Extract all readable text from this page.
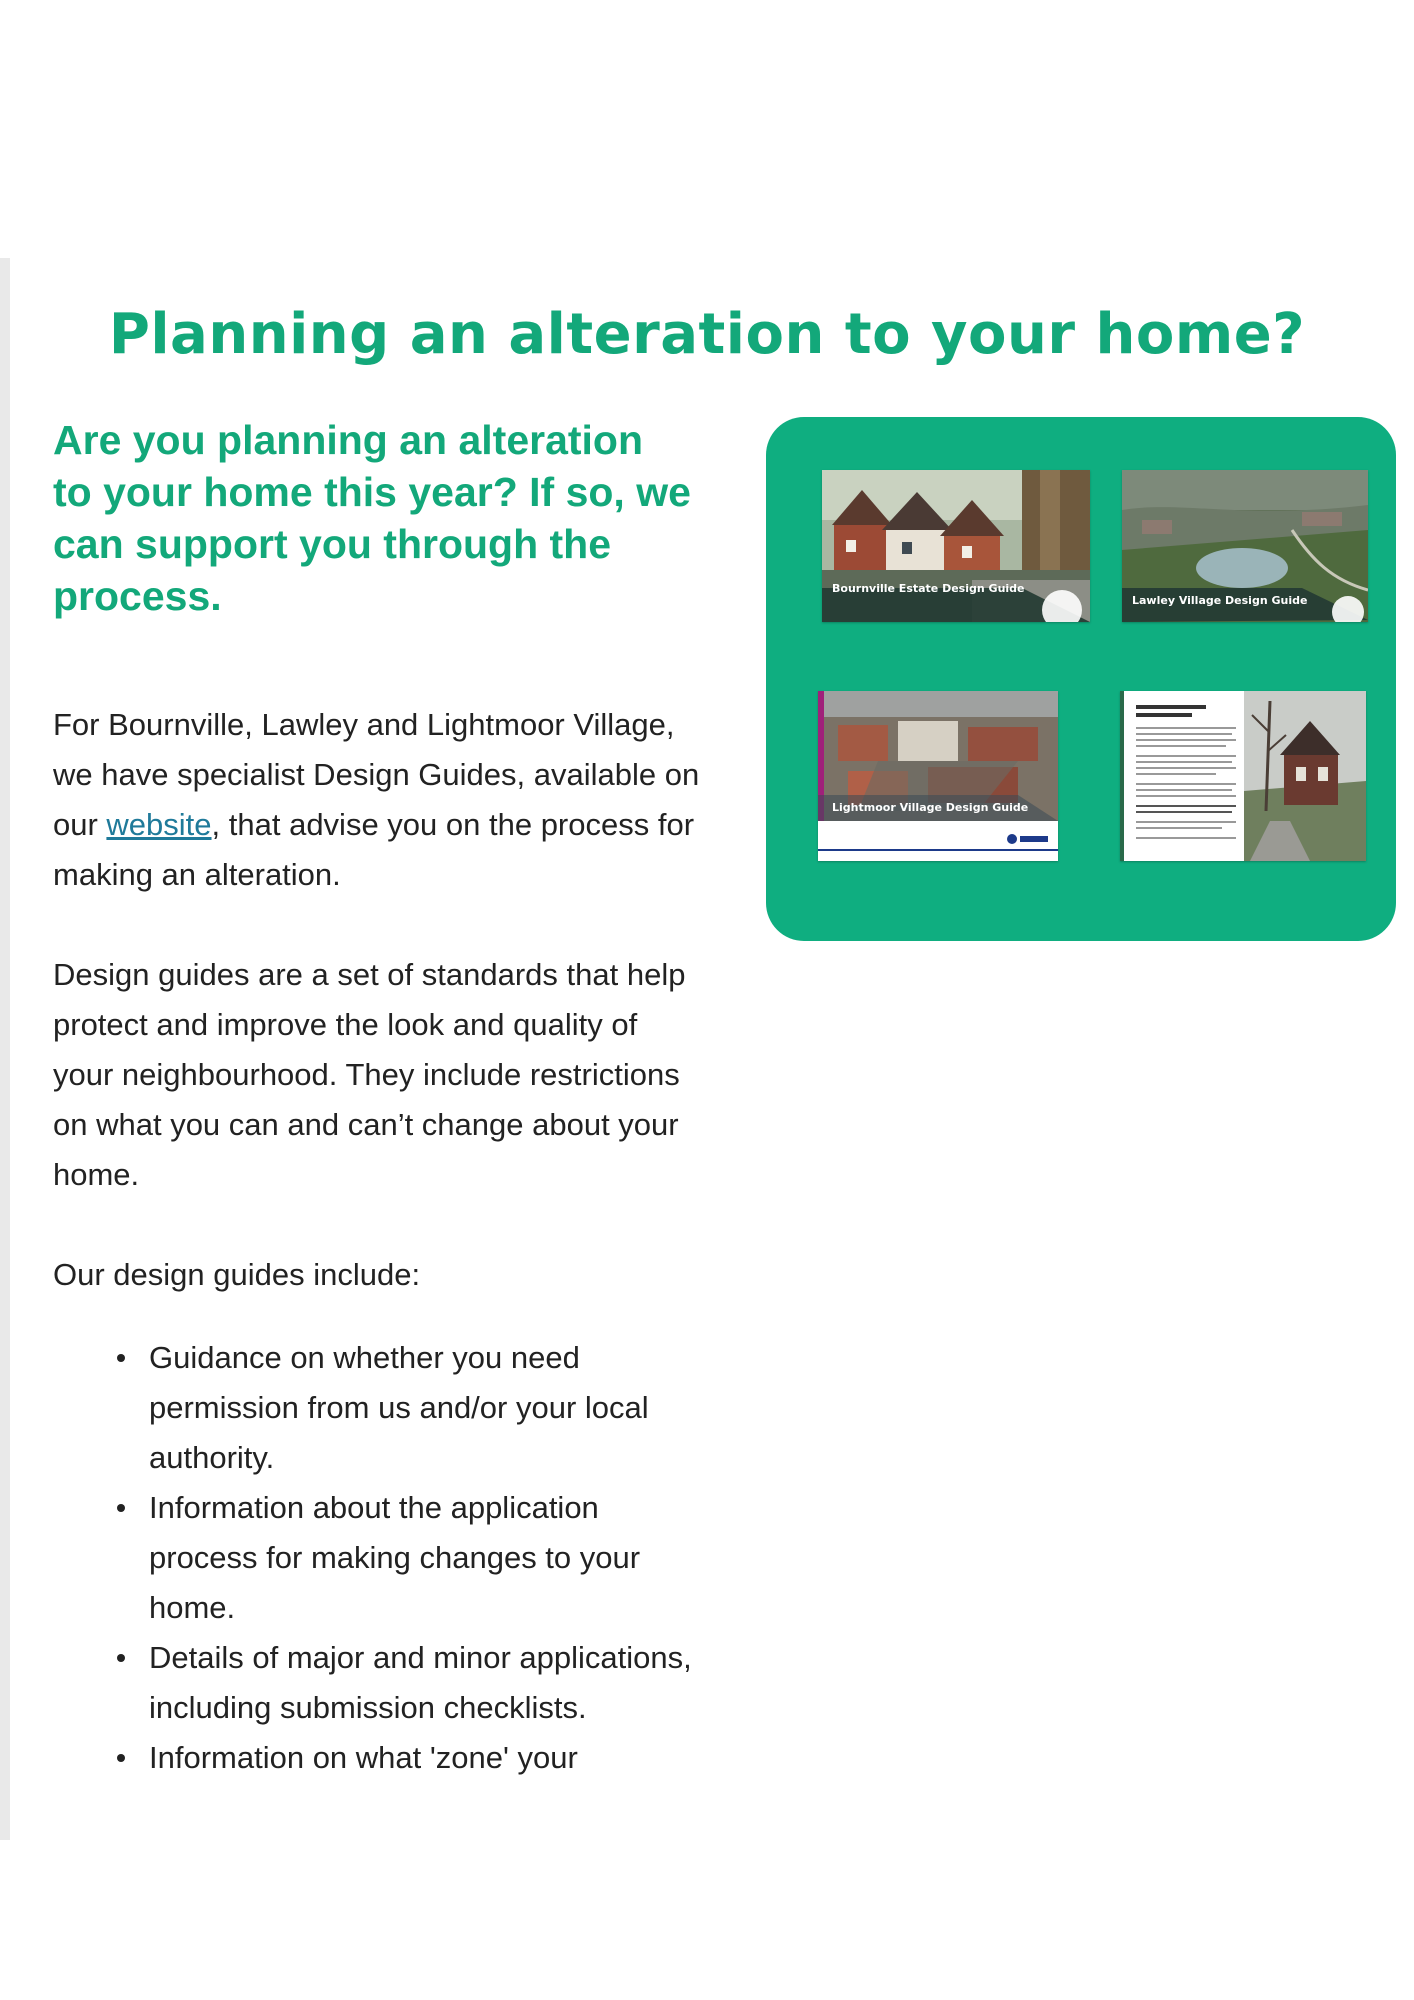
Planning an alteration to your home?

Are you planning an alteration to your home this year? If so, we can support you through the process.

For Bournville, Lawley and Lightmoor Village, we have specialist Design Guides, available on our website, that advise you on the process for making an alteration.

Design guides are a set of standards that help protect and improve the look and quality of your neighbourhood. They include restrictions on what you can and can’t change about your home.

Our design guides include:

Guidance on whether you need permission from us and/or your local authority.
Information about the application process for making changes to your home.
Details of major and minor applications, including submission checklists.
Information on what 'zone' your
Bournville Estate Design Guide
Lawley Village Design Guide
Lightmoor Village Design Guide
